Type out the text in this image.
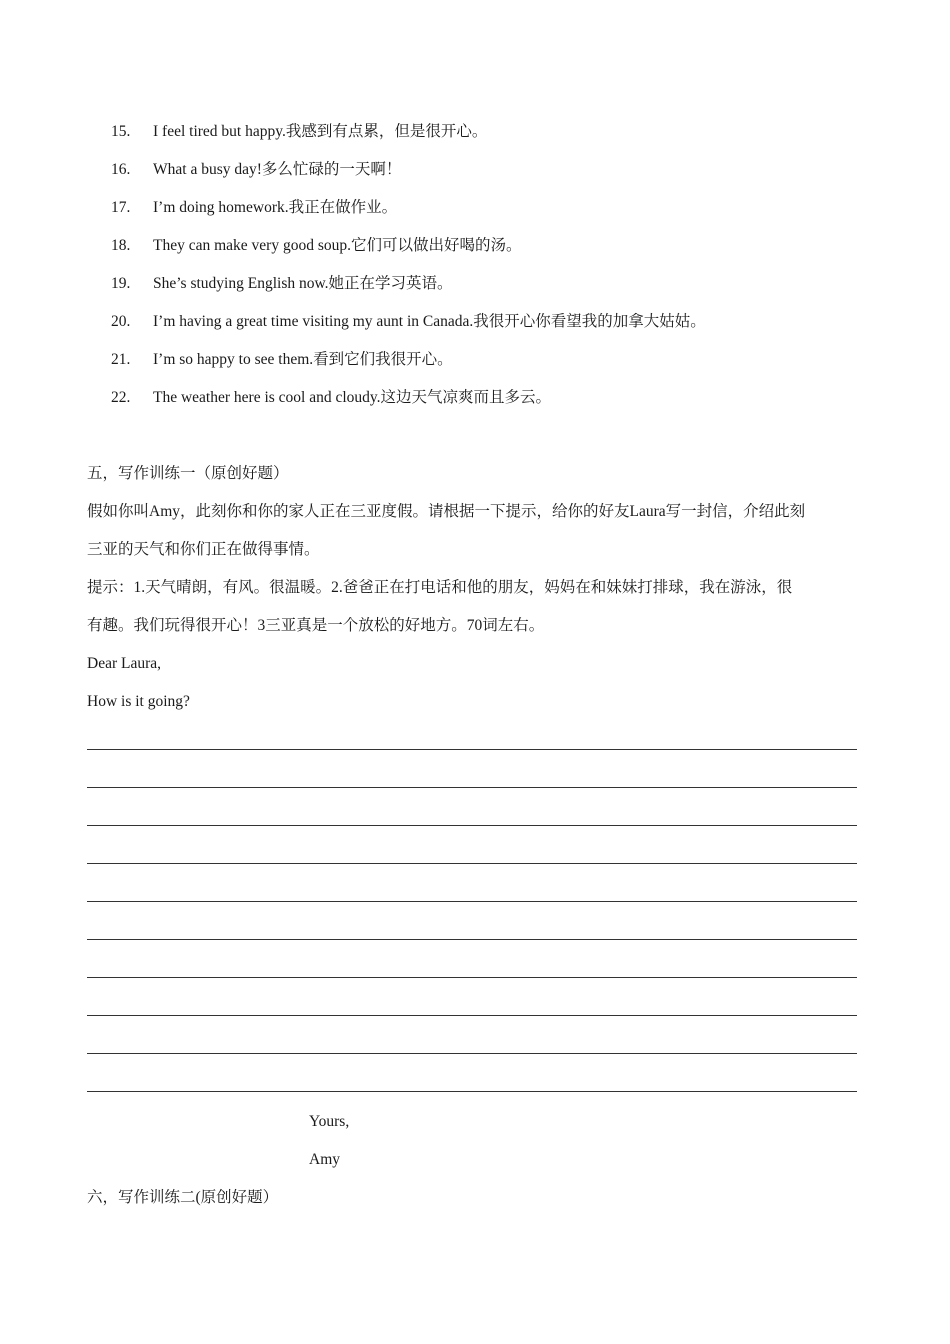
15. I feel tired but happy.我感到有点累，但是很开心。
16. What a busy day!多么忙碌的一天啊！
17. I’m doing homework.我正在做作业。
18. They can make very good soup.它们可以做出好喝的汤。
19. She’s studying English now.她正在学习英语。
20. I’m having a great time visiting my aunt in Canada.我很开心你看望我的加拿大姑姑。
21. I’m so happy to see them.看到它们我很开心。
22. The weather here is cool and cloudy.这边天气凉爽而且多云。
五，写作训练一（原创好题）
假如你叫Amy，此刻你和你的家人正在三亚度假。请根据一下提示，给你的好友Laura写一封信，介绍此刻
三亚的天气和你们正在做得事情。
提示：1.天气晴朗，有风。很温暖。2.爸爸正在打电话和他的朋友，妈妈在和妹妹打排球，我在游泳，很
有趣。我们玩得很开心！3三亚真是一个放松的好地方。70词左右。
Dear Laura,
How is it going?
Yours,
Amy
六，写作训练二(原创好题）
